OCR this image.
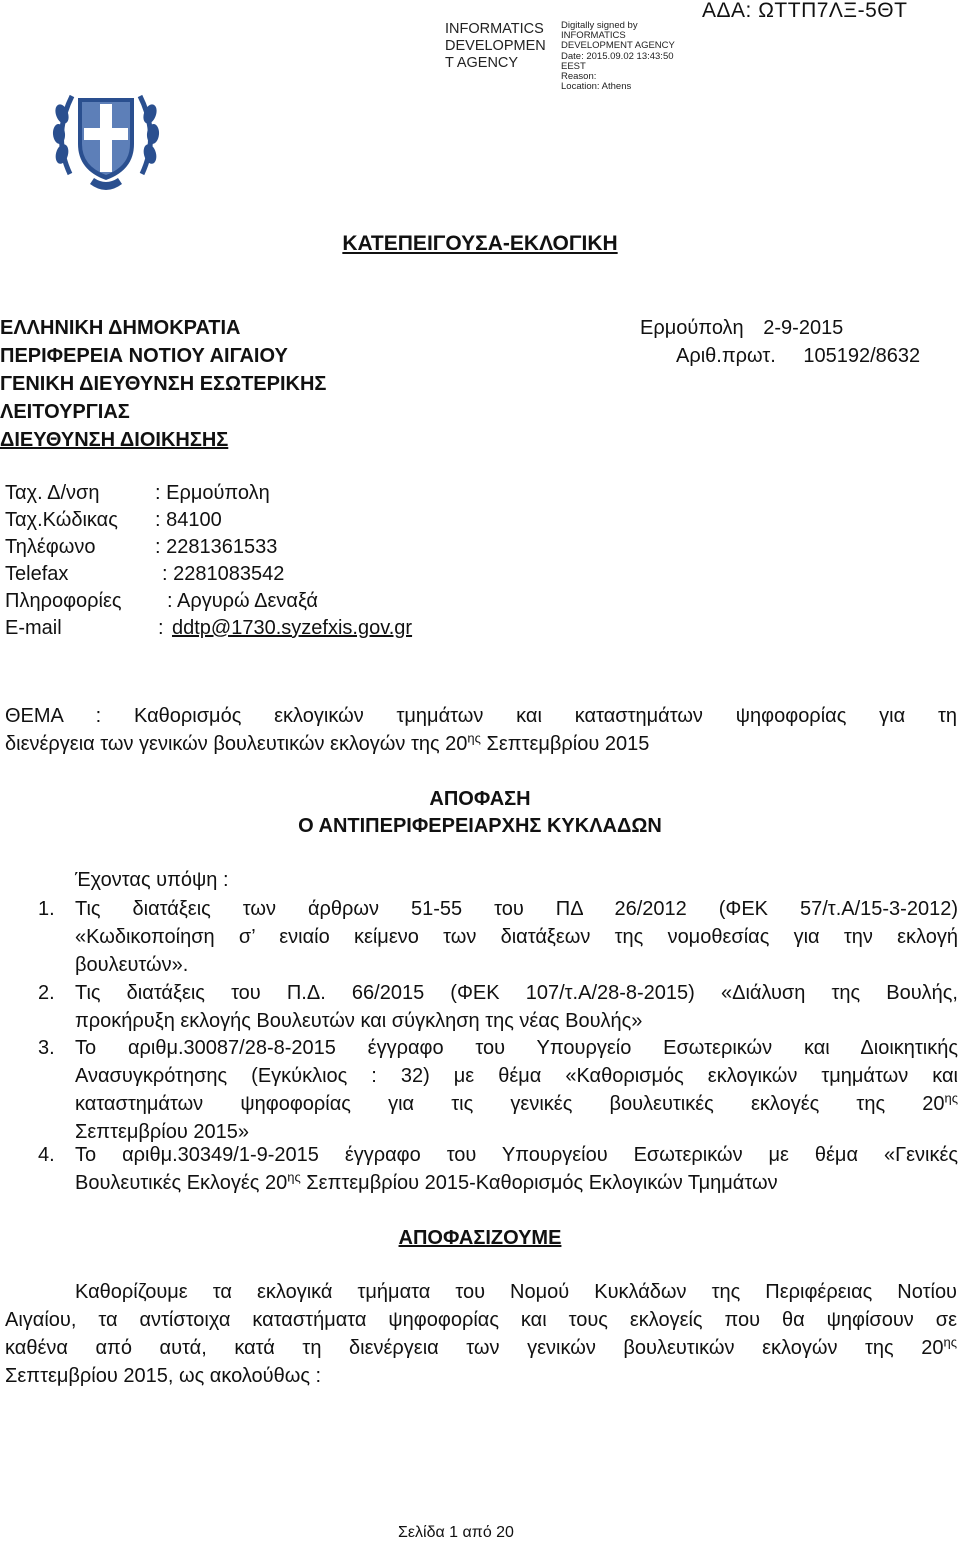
INFORMATICS
DEVELOPMEN
T AGENCY
Digitally signed by
INFORMATICS
DEVELOPMENT AGENCY
Date: 2015.09.02 13:43:50
EEST
Reason:
Location: Athens
ΑΔΑ: ΩΤΤΠ7ΛΞ-5ΘΤ
ΚΑΤΕΠΕΙΓΟΥΣΑ-ΕΚΛΟΓΙΚΗ
ΕΛΛΗΝΙΚΗ ΔΗΜΟΚΡΑΤΙΑ
ΠΕΡΙΦΕΡΕΙΑ ΝΟΤΙΟΥ ΑΙΓΑΙΟΥ
ΓΕΝΙΚΗ ΔΙΕΥΘΥΝΣΗ ΕΣΩΤΕΡΙΚΗΣ
ΛΕΙΤΟΥΡΓΙΑΣ
ΔΙΕΥΘΥΝΣΗ ΔΙΟΙΚΗΣΗΣ
Ερμούπολη 2-9-2015
Αριθ.πρωτ. 105192/8632
Ταχ. Δ/νση	: Ερμούπολη
Ταχ.Κώδικας : 84100
Τηλέφωνο	: 2281361533
Telefax	: 2281083542
Πληροφορίες : Αργυρώ Δεναξά
E-mail	: ddtp@1730.syzefxis.gov.gr
ΘΕΜΑ : Καθορισμός εκλογικών τμημάτων και καταστημάτων ψηφοφορίας για τη
διενέργεια των γενικών βουλευτικών εκλογών της $20^{\eta\varsigma}$ Σεπτεμβρίου 2015
ΑΠΟΦΑΣΗ
Ο ΑΝΤΙΠΕΡΙΦΕΡΕΙΑΡΧΗΣ ΚΥΚΛΑΔΩΝ
Έχοντας υπόψη :
1. Τις διατάξεις των άρθρων 51-55 του ΠΔ 26/2012 (ΦΕΚ 57/τ.Α/15-3-2012)
«Κωδικοποίηση σ’ ενιαίο κείμενο των διατάξεων της νομοθεσίας για την εκλογή
βουλευτών».
2. Τις διατάξεις του Π.Δ. 66/2015 (ΦΕΚ 107/τ.Α/28-8-2015) «Διάλυση της Βουλής,
προκήρυξη εκλογής Βουλευτών και σύγκληση της νέας Βουλής»
3. Το αριθμ.30087/28-8-2015 έγγραφο του Υπουργείο Εσωτερικών και Διοικητικής
Ανασυγκρότησης (Εγκύκλιος : 32) με θέμα «Καθορισμός εκλογικών τμημάτων και
καταστημάτων ψηφοφορίας για τις γενικές βουλευτικές εκλογές της $20^{\eta\varsigma}$
Σεπτεμβρίου 2015»
4. Το αριθμ.30349/1-9-2015 έγγραφο του Υπουργείου Εσωτερικών με θέμα «Γενικές
Βουλευτικές Εκλογές $20^{\eta\varsigma}$ Σεπτεμβρίου 2015-Καθορισμός Εκλογικών Τμημάτων
ΑΠΟΦΑΣΙΖΟΥΜΕ
Καθορίζουμε τα εκλογικά τμήματα του Νομού Κυκλάδων της Περιφέρειας Νοτίου
Αιγαίου, τα αντίστοιχα καταστήματα ψηφοφορίας και τους εκλογείς που θα ψηφίσουν σε
καθένα από αυτά, κατά τη διενέργεια των γενικών βουλευτικών εκλογών της $20^{\eta\varsigma}$
Σεπτεμβρίου 2015, ως ακολούθως :
Σελίδα 1 από 20
